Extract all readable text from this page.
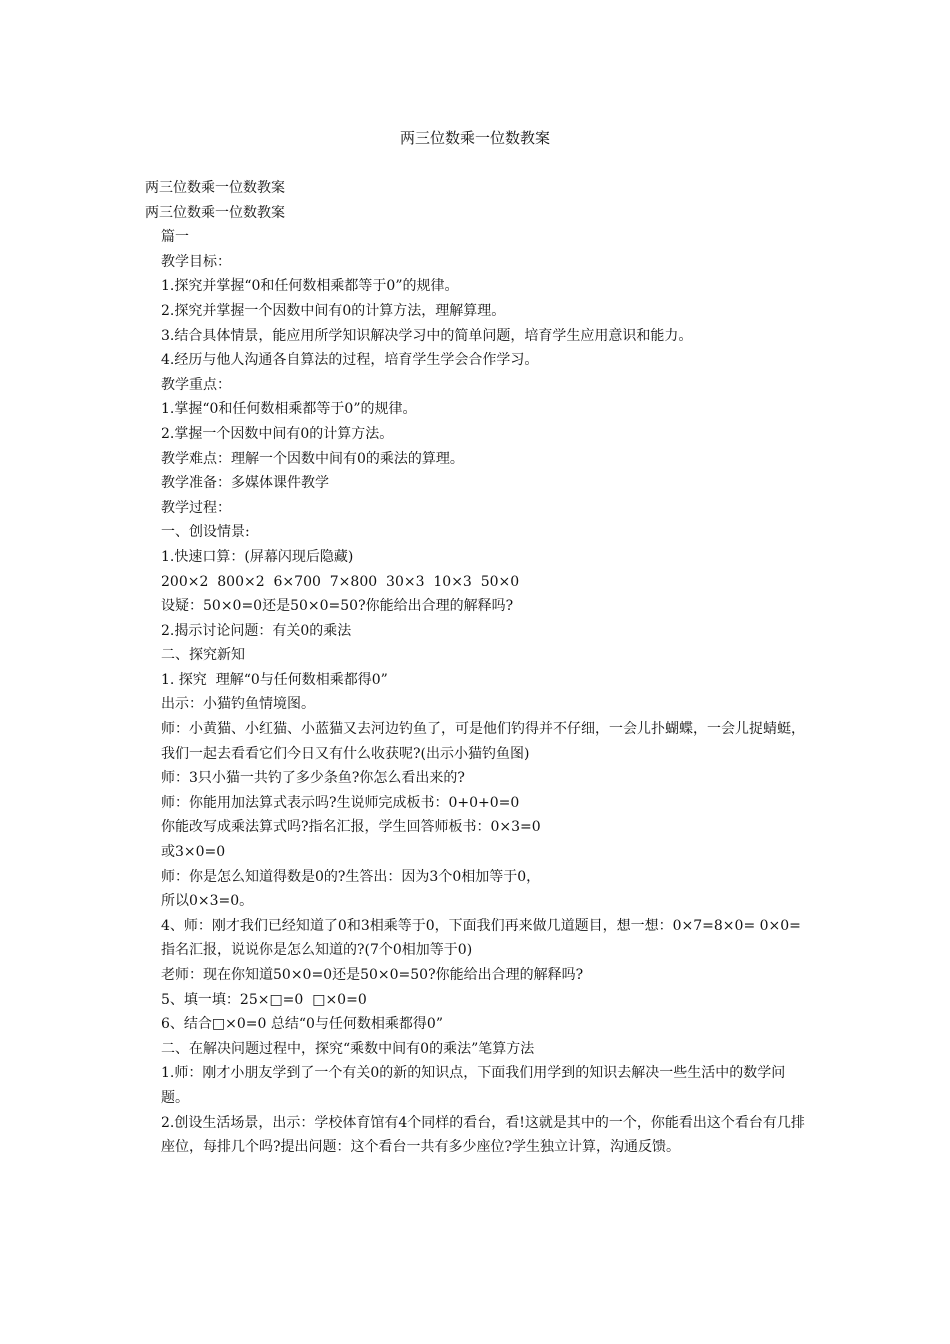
两三位数乘一位数教案
两三位数乘一位数教案
两三位数乘一位数教案
篇一
教学目标：
1.探究并掌握“0和任何数相乘都等于0”的规律。
2.探究并掌握一个因数中间有0的计算方法，理解算理。
3.结合具体情景，能应用所学知识解决学习中的简单问题，培育学生应用意识和能力。
4.经历与他人沟通各自算法的过程，培育学生学会合作学习。
教学重点：
1.掌握“0和任何数相乘都等于0”的规律。
2.掌握一个因数中间有0的计算方法。
教学难点：理解一个因数中间有0的乘法的算理。
教学准备：多媒体课件教学
教学过程：
一、创设情景:
1.快速口算：(屏幕闪现后隐藏)
200×2  800×2  6×700  7×800  30×3  10×3  50×0
设疑：50×0=0还是50×0=50?你能给出合理的解释吗?
2.揭示讨论问题：有关0的乘法
二、探究新知
1. 探究  理解“0与任何数相乘都得0”
出示：小猫钓鱼情境图。
师：小黄猫、小红猫、小蓝猫又去河边钓鱼了，可是他们钓得并不仔细，一会儿扑蝴蝶，一会儿捉蜻蜓，我们一起去看看它们今日又有什么收获呢?(出示小猫钓鱼图)
师：3只小猫一共钓了多少条鱼?你怎么看出来的?
师：你能用加法算式表示吗?生说师完成板书：0+0+0=0
你能改写成乘法算式吗?指名汇报，学生回答师板书：0×3=0
或3×0=0
师：你是怎么知道得数是0的?生答出：因为3个0相加等于0，
所以0×3=0。
4、师：刚才我们已经知道了0和3相乘等于0，下面我们再来做几道题目，想一想：0×7=8×0= 0×0=
指名汇报，说说你是怎么知道的?(7个0相加等于0)
老师：现在你知道50×0=0还是50×0=50?你能给出合理的解释吗?
5、填一填：25×□=0  □×0=0
6、结合□×0=0 总结“0与任何数相乘都得0”
二、在解决问题过程中，探究“乘数中间有0的乘法”笔算方法
1.师：刚才小朋友学到了一个有关0的新的知识点，下面我们用学到的知识去解决一些生活中的数学问题。
2.创设生活场景，出示：学校体育馆有4个同样的看台，看!这就是其中的一个，你能看出这个看台有几排座位，每排几个吗?提出问题：这个看台一共有多少座位?学生独立计算，沟通反馈。
